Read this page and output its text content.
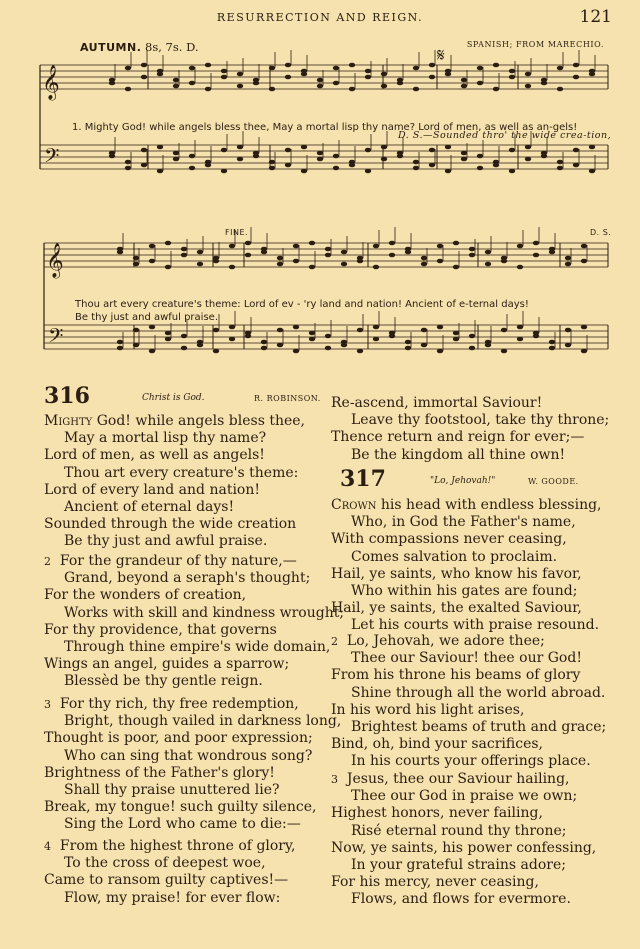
RESURRECTION AND REIGN.	121
AUTUMN. 8s, 7s. D.	SPANISH; FROM MARECHIO.
𝄞
𝄢
𝄞
𝄢
𝄋
1. Mighty God! while angels bless thee, May a mortal lisp thy name? Lord of men, as well as an-gels!
D. S.—Sounded thro' the wide crea-tion,
FINE.	D. S.
Thou art every creature's theme: Lord of ev - 'ry land and nation! Ancient of e-ternal days!
Be thy just and awful praise.
316	Christ is God.	R. ROBINSON.
Mighty God! while angels bless thee,
May a mortal lisp thy name?
Lord of men, as well as angels!
Thou art every creature's theme:
Lord of every land and nation!
Ancient of eternal days!
Sounded through the wide creation
Be thy just and awful praise.
2 For the grandeur of thy nature,—
Grand, beyond a seraph's thought;
For the wonders of creation,
Works with skill and kindness wrought;
For thy providence, that governs
Through thine empire's wide domain,
Wings an angel, guides a sparrow;
Blessèd be thy gentle reign.
3 For thy rich, thy free redemption,
Bright, though vailed in darkness long,
Thought is poor, and poor expression;
Who can sing that wondrous song?
Brightness of the Father's glory!
Shall thy praise unuttered lie?
Break, my tongue! such guilty silence,
Sing the Lord who came to die:—
4 From the highest throne of glory,
To the cross of deepest woe,
Came to ransom guilty captives!—
Flow, my praise! for ever flow:
Re-ascend, immortal Saviour!
Leave thy footstool, take thy throne;
Thence return and reign for ever;—
Be the kingdom all thine own!
317	"Lo, Jehovah!"	W. GOODE.
Crown his head with endless blessing,
Who, in God the Father's name,
With compassions never ceasing,
Comes salvation to proclaim.
Hail, ye saints, who know his favor,
Who within his gates are found;
Hail, ye saints, the exalted Saviour,
Let his courts with praise resound.
2 Lo, Jehovah, we adore thee;
Thee our Saviour! thee our God!
From his throne his beams of glory
Shine through all the world abroad.
In his word his light arises,
Brightest beams of truth and grace;
Bind, oh, bind your sacrifices,
In his courts your offerings place.
3 Jesus, thee our Saviour hailing,
Thee our God in praise we own;
Highest honors, never failing,
Risé eternal round thy throne;
Now, ye saints, his power confessing,
In your grateful strains adore;
For his mercy, never ceasing,
Flows, and flows for evermore.
